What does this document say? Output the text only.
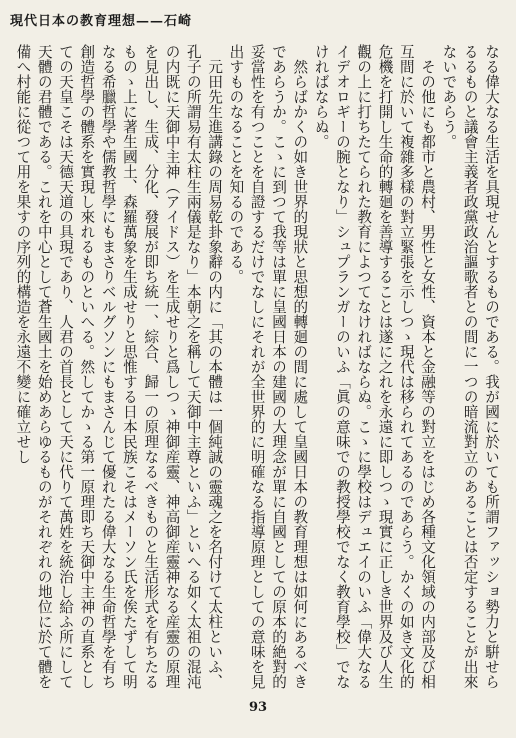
現代日本の教育理想——石崎

なる偉大なる生活を具現せんとするものである。我が國に於いても所謂ファッショ勢力と騈せらるるものと議會主義者政黨政治謳歌者との間に一つの暗流對立のあることは否定することが出來ないであらう。

その他にも都市と農村、男性と女性、資本と金融等の對立をはじめ各種文化領域の内部及び相互間に於いて複雜多樣の對立緊張を示しつゝ現代は移られてあるのであらう。かくの如き文化的危機を打開し生命的轉廻を善導することは遂に之れを永遠に即しつゝ現實に正しき世界及び人生觀の上に打ちたてられた教育によつてなければならぬ。こゝに學校はデュエイのいふ「偉大なるイデオロギーの腕となり」シュプランガーのいふ「眞の意味での教授學校でなく教育學校」でなければならぬ。

然らばかくの如き世界的現狀と思想的轉廻の間に處して皇國日本の教育理想は如何にあるべきであらうか。こゝに到つて我等は單に皇國日本の建國の大理念が單に自國としての原本的絶對的妥當性を有つことを自證するだけでなしにそれが全世界的に明確なる指導原理としての意味を見出すものなることを知るのである。

元田先生進講錄の周易乾卦象辭の内に「其の本體は一個純誠の靈魂之を名付けて太柱といふ、孔子の所謂易有太柱生兩儀是なり」本朝之を稱して天御中主尊といふ」といへる如く太祖の混沌の内既に天御中主神（アイドス）を生成せりと爲しつゝ神御産靈、神高御産靈神なる産靈の原理を見出し、生成、分化、發展が即ち統一、綜合、歸一の原理なるべきものと生活形式を有ちたるものゝ上に著生國土、森羅萬象を生成せりと思惟する日本民族こそはメーソン氏を俟たずして明なる希臘哲學や儒教哲學にもまさりベルグソンにもまさんじて優れたる偉大なる生命哲學を有ち創造哲學の體系を實現し來れるものといへる。然してかゝる第一原理即ち天御中主神の直系としての天皇こそは天德天道の具現であり、人君の首長として天に代りて萬姓を統治し給ふ所にして天體の君體である。これを中心として蒼生國土を始めあらゆるものがそれぞれの地位に於て體を備へ村能に從つて用を果すの序列的構造を永遠不變に確立せし

93
